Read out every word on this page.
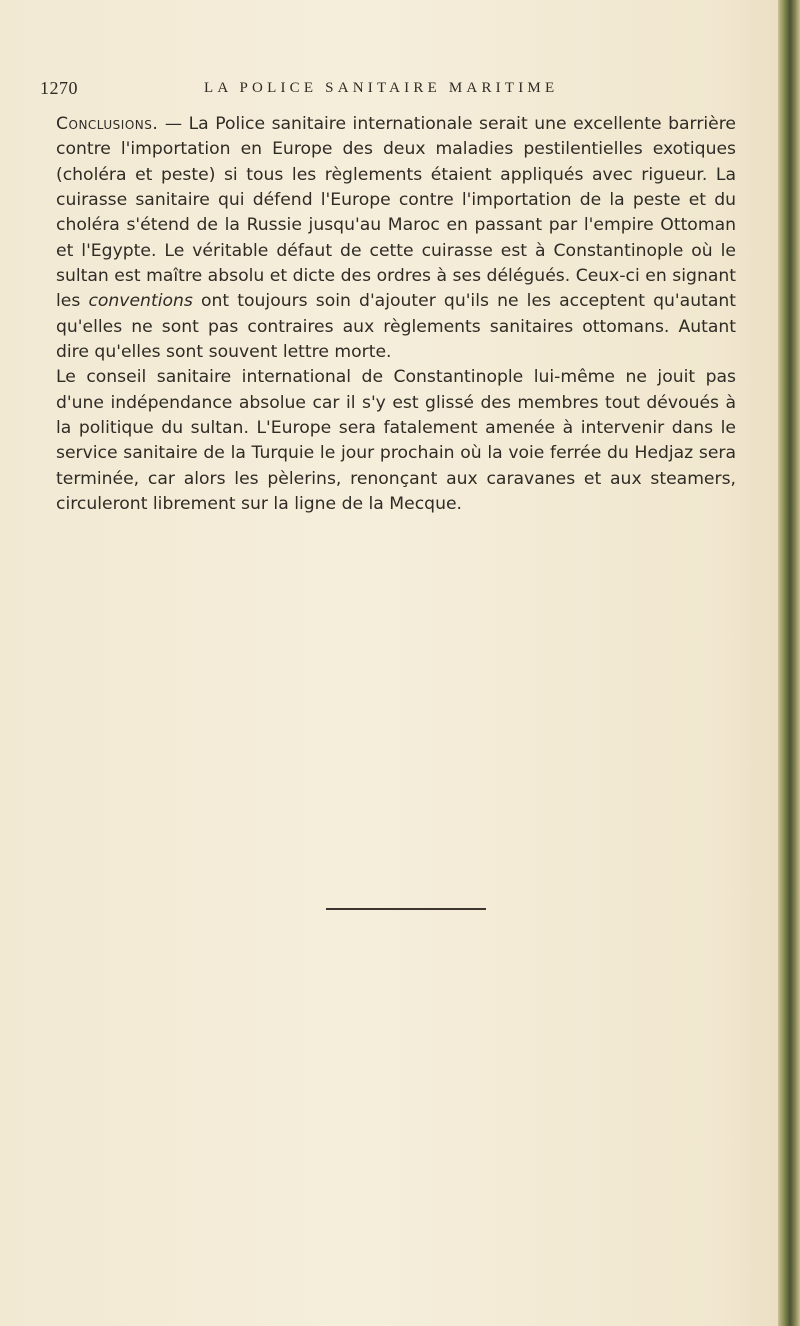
1270	LA POLICE SANITAIRE MARITIME

Conclusions. — La Police sanitaire internationale serait une excellente barrière contre l'importation en Europe des deux maladies pestilentielles exotiques (choléra et peste) si tous les règlements étaient appliqués avec rigueur. La cuirasse sanitaire qui défend l'Europe contre l'importation de la peste et du choléra s'étend de la Russie jusqu'au Maroc en passant par l'empire Ottoman et l'Egypte. Le véritable défaut de cette cuirasse est à Constantinople où le sultan est maître absolu et dicte des ordres à ses délégués. Ceux-ci en signant les conventions ont toujours soin d'ajouter qu'ils ne les acceptent qu'autant qu'elles ne sont pas contraires aux règlements sanitaires ottomans. Autant dire qu'elles sont souvent lettre morte.

Le conseil sanitaire international de Constantinople lui-même ne jouit pas d'une indépendance absolue car il s'y est glissé des membres tout dévoués à la politique du sultan. L'Europe sera fatalement amenée à intervenir dans le service sanitaire de la Turquie le jour prochain où la voie ferrée du Hedjaz sera terminée, car alors les pèlerins, renonçant aux caravanes et aux steamers, circuleront librement sur la ligne de la Mecque.
